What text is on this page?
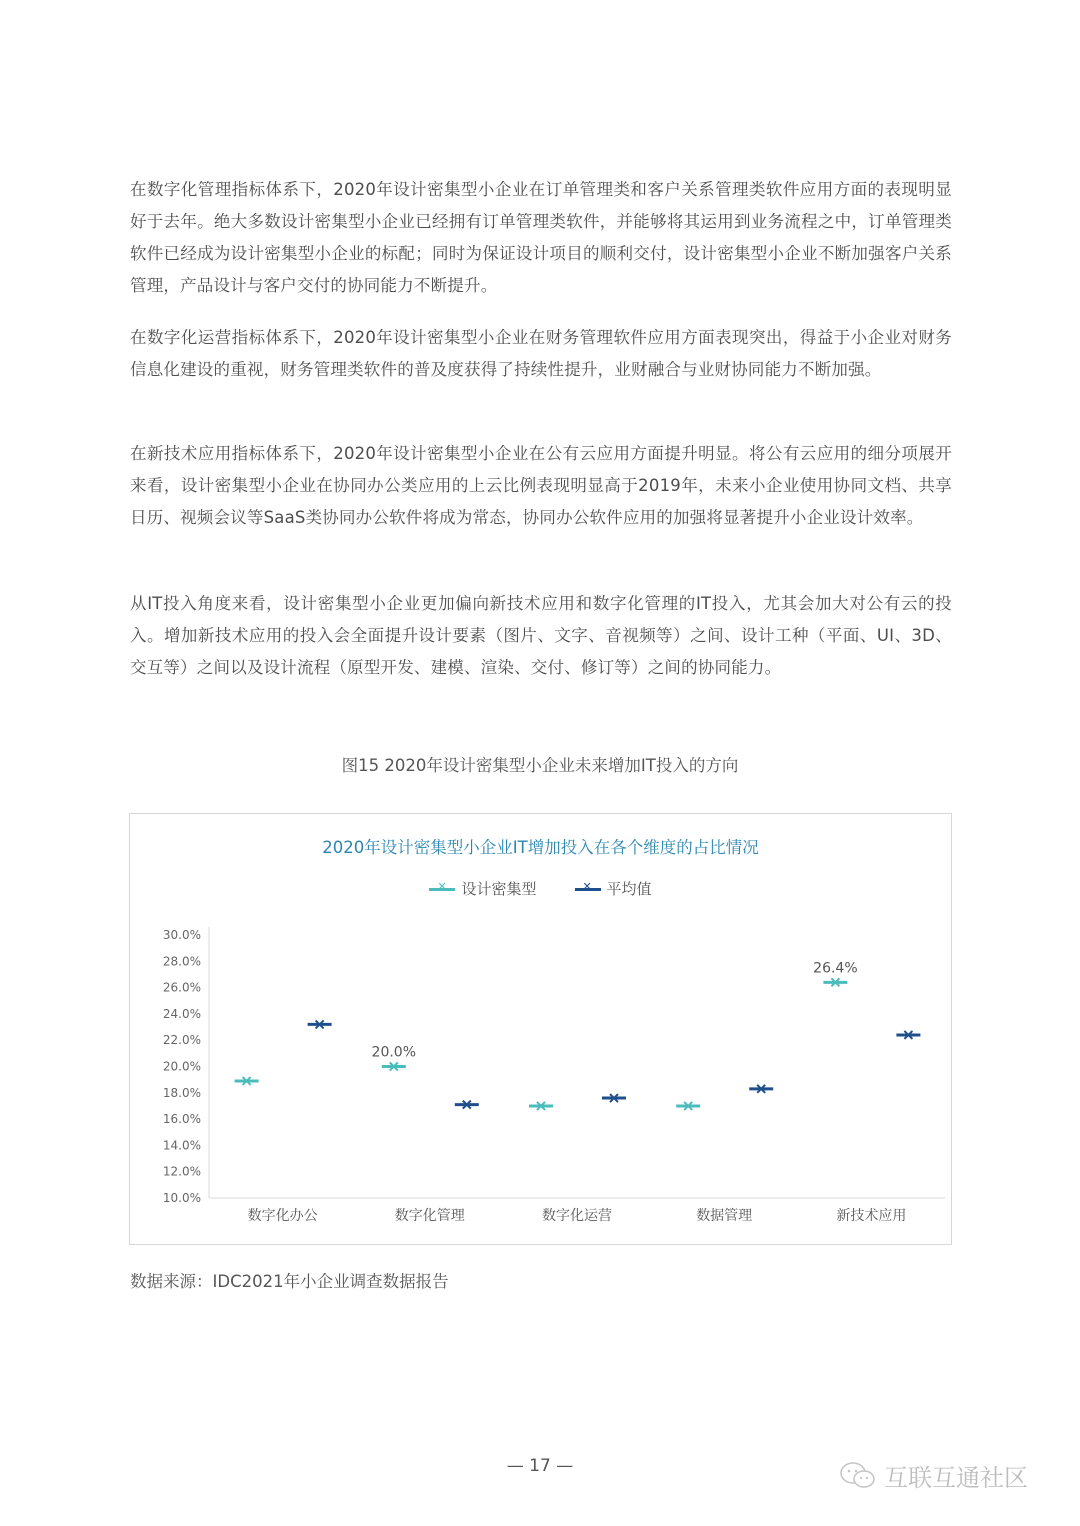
在数字化管理指标体系下，2020年设计密集型小企业在订单管理类和客户关系管理类软件应用方面的表现明显好于去年。绝大多数设计密集型小企业已经拥有订单管理类软件，并能够将其运用到业务流程之中，订单管理类软件已经成为设计密集型小企业的标配；同时为保证设计项目的顺利交付，设计密集型小企业不断加强客户关系管理，产品设计与客户交付的协同能力不断提升。

在数字化运营指标体系下，2020年设计密集型小企业在财务管理软件应用方面表现突出，得益于小企业对财务信息化建设的重视，财务管理类软件的普及度获得了持续性提升，业财融合与业财协同能力不断加强。

在新技术应用指标体系下，2020年设计密集型小企业在公有云应用方面提升明显。将公有云应用的细分项展开来看，设计密集型小企业在协同办公类应用的上云比例表现明显高于2019年，未来小企业使用协同文档、共享日历、视频会议等SaaS类协同办公软件将成为常态，协同办公软件应用的加强将显著提升小企业设计效率。

从IT投入角度来看，设计密集型小企业更加偏向新技术应用和数字化管理的IT投入，尤其会加大对公有云的投入。增加新技术应用的投入会全面提升设计要素（图片、文字、音视频等）之间、设计工种（平面、UI、3D、交互等）之间以及设计流程（原型开发、建模、渲染、交付、修订等）之间的协同能力。

图15 2020年设计密集型小企业未来增加IT投入的方向
2020年设计密集型小企业IT增加投入在各个维度的占比情况
✕
设计密集型 ✕	平均值
10.0%
12.0%
14.0%
16.0%
18.0%
20.0%
22.0%
24.0%
26.0%
28.0%
30.0%
数字化办公	数字化管理
20.0%
数字化运营	数据管理	新技术应用
26.4%
数据来源：IDC2021年小企业调查数据报告
— 17 —	互联互通社区
